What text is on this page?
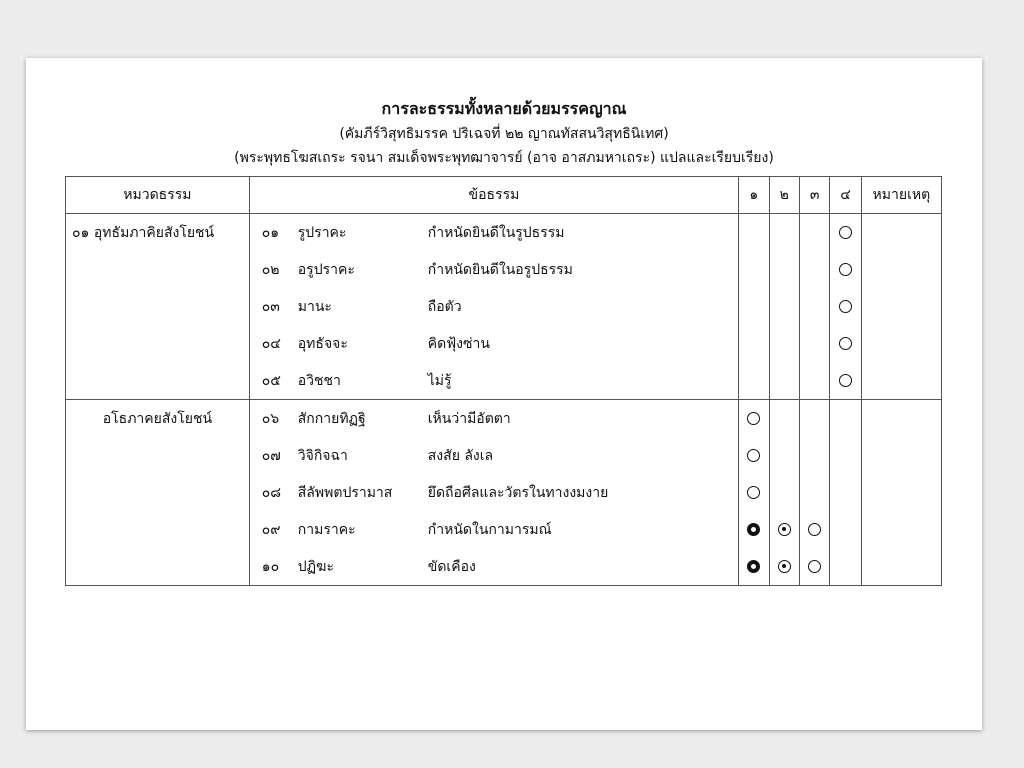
การละธรรมทั้งหลายด้วยมรรคญาณ
(คัมภีร์วิสุทธิมรรค ปริเฉจที่ ๒๒ ญาณทัสสนวิสุทธินิเทศ)
(พระพุทธโฆสเถระ รจนา สมเด็จพระพุทฒาจารย์ (อาจ อาสภมหาเถระ) แปลและเรียบเรียง)
หมวดธรรม	ข้อธรรม	๑	๒	๓	๔	หมายเหตุ
๐๑ อุทธัมภาคิยสังโยชน์	๐๑ รูปราคะ กำหนัดยินดีในรูปธรรม					
	๐๒ อรูปราคะ กำหนัดยินดีในอรูปธรรม					
	๐๓ มานะ ถือตัว					
	๐๔ อุทธัจจะ คิดฟุ้งซ่าน					
	๐๕ อวิชชา ไม่รู้					
อโธภาคยสังโยชน์	๐๖ สักกายทิฏฐิ เห็นว่ามีอัตตา					
	๐๗ วิจิกิจฉา สงสัย ลังเล					
	๐๘ สีลัพพตปรามาส ยึดถือศีลและวัตรในทางงมงาย					
	๐๙ กามราคะ กำหนัดในกามารมณ์					
	๑๐ ปฏิฆะ ขัดเคือง					
